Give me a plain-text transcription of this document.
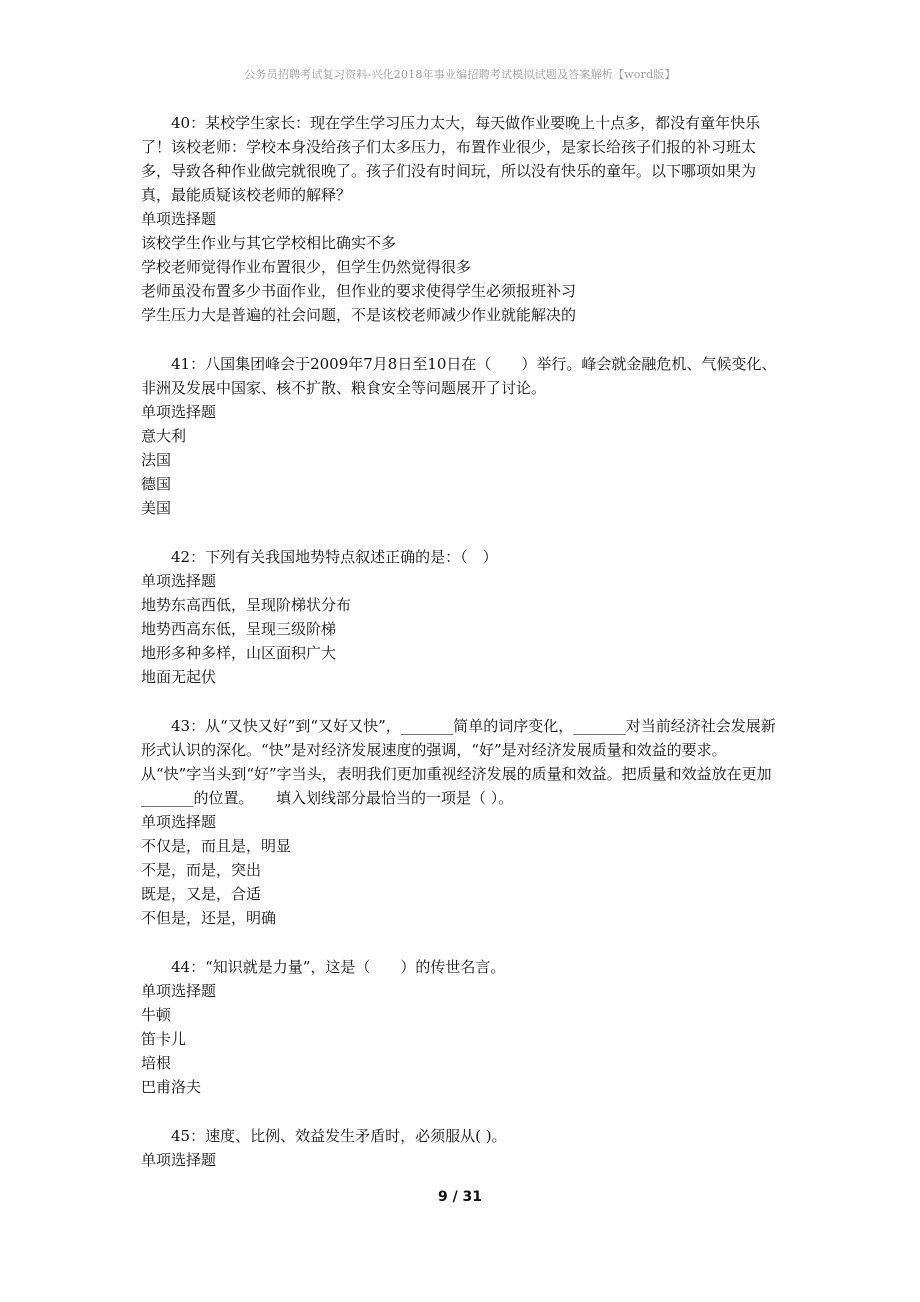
公务员招聘考试复习资料-兴化2018年事业编招聘考试模拟试题及答案解析【word版】

40：某校学生家长：现在学生学习压力太大，每天做作业要晚上十点多，都没有童年快乐了！该校老师：学校本身没给孩子们太多压力，布置作业很少，是家长给孩子们报的补习班太多，导致各种作业做完就很晚了。孩子们没有时间玩，所以没有快乐的童年。以下哪项如果为真，最能质疑该校老师的解释？

单项选择题

该校学生作业与其它学校相比确实不多

学校老师觉得作业布置很少，但学生仍然觉得很多

老师虽没布置多少书面作业，但作业的要求使得学生必须报班补习

学生压力大是普遍的社会问题，不是该校老师减少作业就能解决的

41：八国集团峰会于2009年7月8日至10日在（　　）举行。峰会就金融危机、气候变化、非洲及发展中国家、核不扩散、粮食安全等问题展开了讨论。

单项选择题

意大利

法国

德国

美国

42：下列有关我国地势特点叙述正确的是：（　）

单项选择题

地势东高西低，呈现阶梯状分布

地势西高东低，呈现三级阶梯

地形多种多样，山区面积广大

地面无起伏

43：从“又快又好”到“又好又快”，_______简单的词序变化，_______对当前经济社会发展新形式认识的深化。“快”是对经济发展速度的强调，“好”是对经济发展质量和效益的要求。从“快”字当头到“好”字当头，表明我们更加重视经济发展的质量和效益。把质量和效益放在更加_______的位置。　　填入划线部分最恰当的一项是（ ）。

单项选择题

不仅是，而且是，明显

不是，而是，突出

既是，又是，合适

不但是，还是，明确

44：“知识就是力量”，这是（　　）的传世名言。

单项选择题

牛顿

笛卡儿

培根

巴甫洛夫

45：速度、比例、效益发生矛盾时，必须服从( )。

单项选择题

9 / 31
